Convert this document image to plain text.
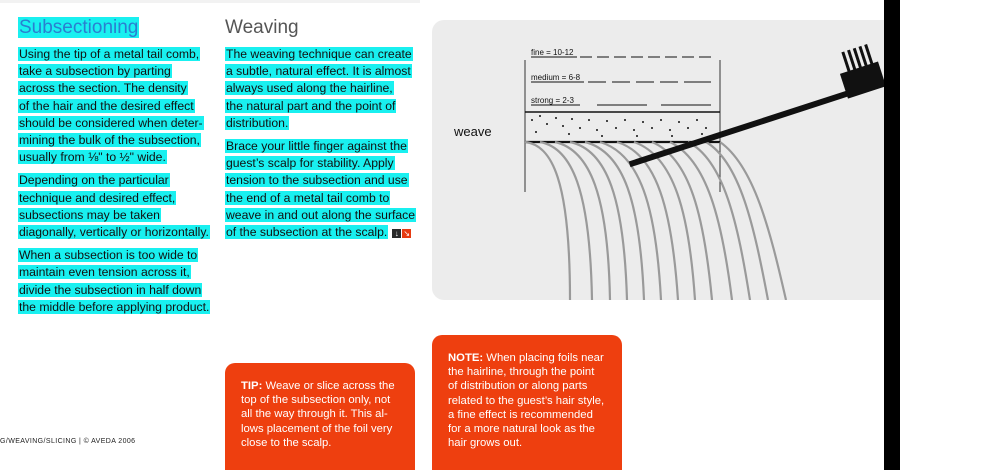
Subsectioning

Using the tip of a metal tail comb,
take a subsection by parting
across the section. The density
of the hair and the desired effect
should be considered when deter-
mining the bulk of the subsection,
usually from ⅛" to ½" wide.

Depending on the particular
technique and desired effect,
subsections may be taken
diagonally, vertically or horizontally.

When a subsection is too wide to
maintain even tension across it,
divide the subsection in half down
the middle before applying product.

Weaving

The weaving technique can create
a subtle, natural effect. It is almost
always used along the hairline,
the natural part and the point of
distribution.

Brace your little finger against the
guest’s scalp for stability. Apply
tension to the subsection and use
the end of a metal tail comb to
weave in and out along the surface
of the subsection at the scalp. ↓ ↘

weave
fine = 10-12
medium = 6-8
strong = 2-3
TIP: Weave or slice across the
top of the subsection only, not
all the way through it. This al-
lows placement of the foil very
close to the scalp.
NOTE: When placing foils near
the hairline, through the point
of distribution or along parts
related to the guest’s hair style,
a fine effect is recommended
for a more natural look as the
hair grows out.
G/WEAVING/SLICING | © AVEDA 2006
